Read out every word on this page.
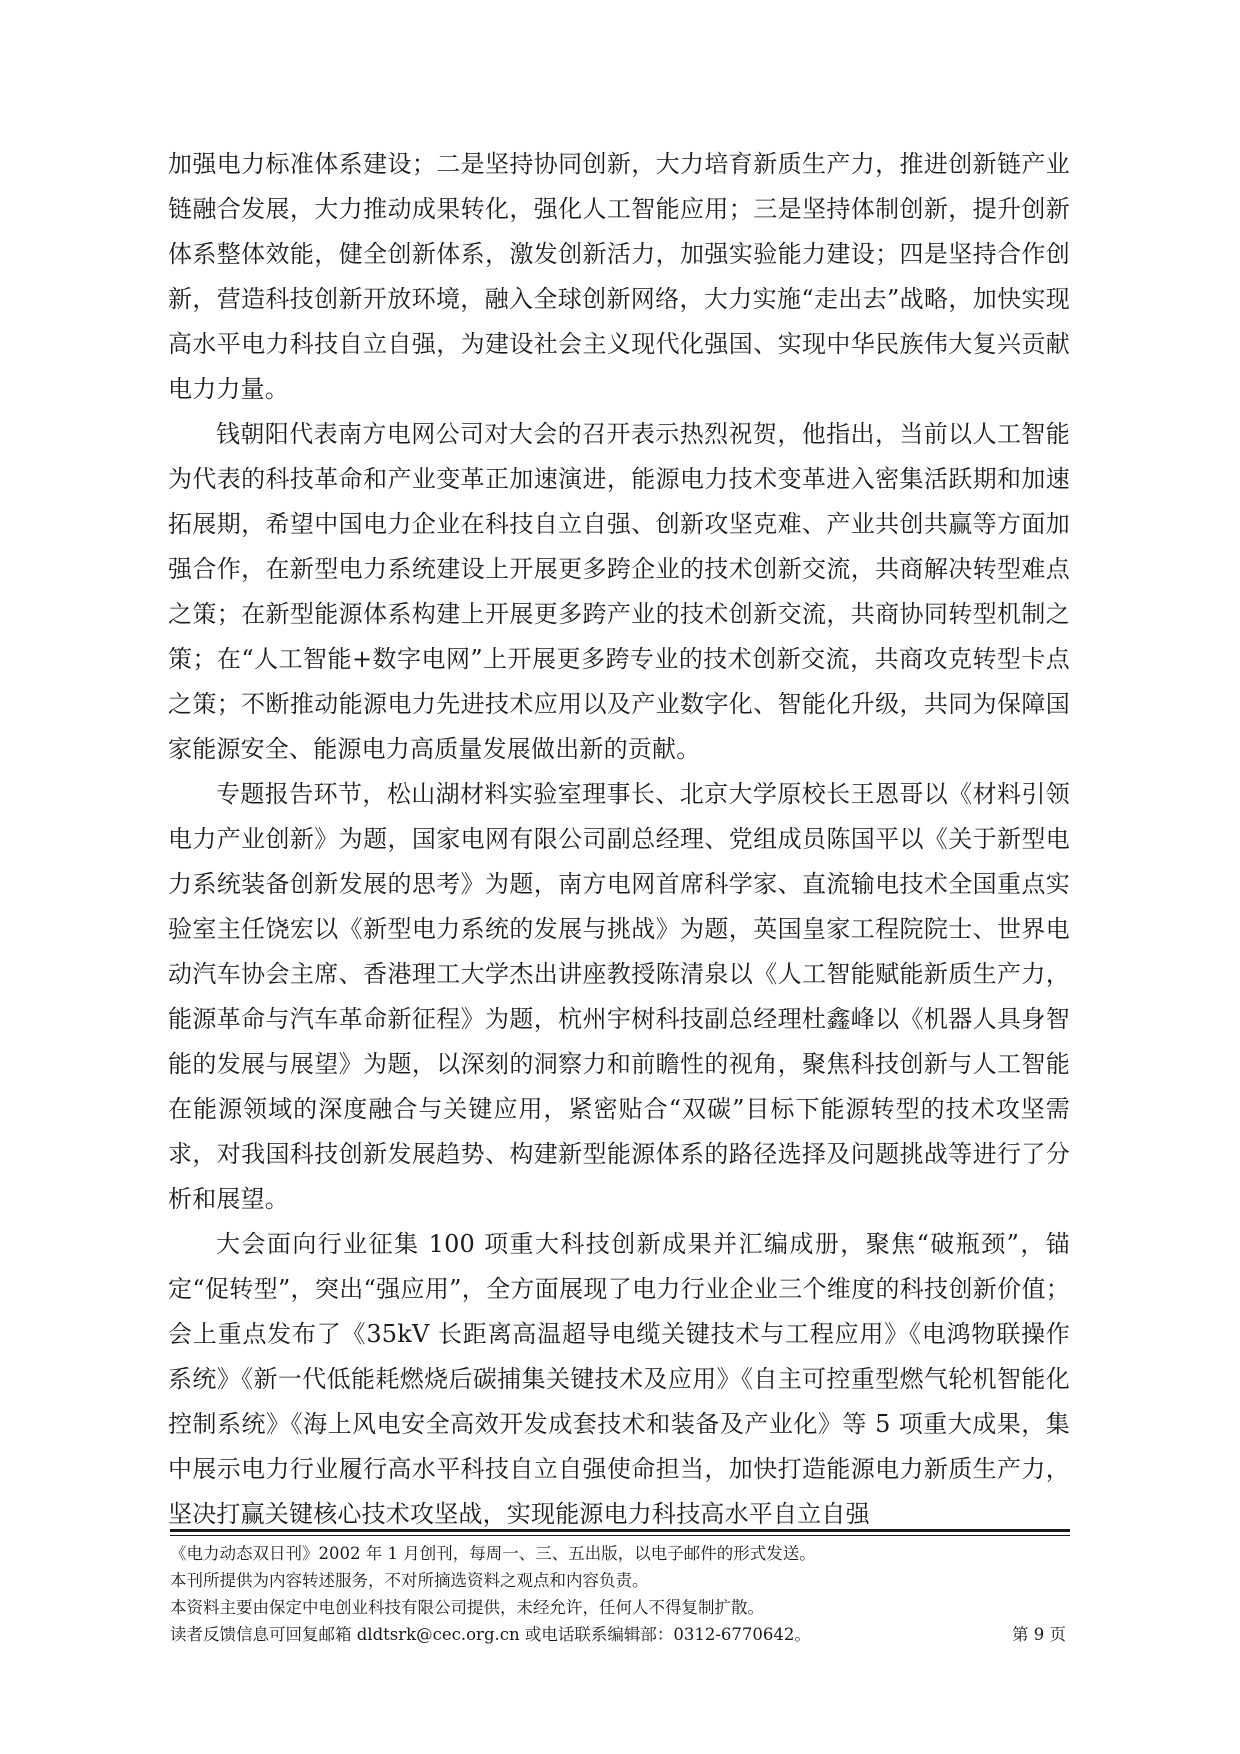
加强电力标准体系建设；二是坚持协同创新，大力培育新质生产力，推进创新链产业链融合发展，大力推动成果转化，强化人工智能应用；三是坚持体制创新，提升创新体系整体效能，健全创新体系，激发创新活力，加强实验能力建设；四是坚持合作创新，营造科技创新开放环境，融入全球创新网络，大力实施“走出去”战略，加快实现高水平电力科技自立自强，为建设社会主义现代化强国、实现中华民族伟大复兴贡献电力力量。

钱朝阳代表南方电网公司对大会的召开表示热烈祝贺，他指出，当前以人工智能为代表的科技革命和产业变革正加速演进，能源电力技术变革进入密集活跃期和加速拓展期，希望中国电力企业在科技自立自强、创新攻坚克难、产业共创共赢等方面加强合作，在新型电力系统建设上开展更多跨企业的技术创新交流，共商解决转型难点之策；在新型能源体系构建上开展更多跨产业的技术创新交流，共商协同转型机制之策；在“人工智能+数字电网”上开展更多跨专业的技术创新交流，共商攻克转型卡点之策；不断推动能源电力先进技术应用以及产业数字化、智能化升级，共同为保障国家能源安全、能源电力高质量发展做出新的贡献。

专题报告环节，松山湖材料实验室理事长、北京大学原校长王恩哥以《材料引领电力产业创新》为题，国家电网有限公司副总经理、党组成员陈国平以《关于新型电力系统装备创新发展的思考》为题，南方电网首席科学家、直流输电技术全国重点实验室主任饶宏以《新型电力系统的发展与挑战》为题，英国皇家工程院院士、世界电动汽车协会主席、香港理工大学杰出讲座教授陈清泉以《人工智能赋能新质生产力，能源革命与汽车革命新征程》为题，杭州宇树科技副总经理杜鑫峰以《机器人具身智能的发展与展望》为题，以深刻的洞察力和前瞻性的视角，聚焦科技创新与人工智能在能源领域的深度融合与关键应用，紧密贴合“双碳”目标下能源转型的技术攻坚需求，对我国科技创新发展趋势、构建新型能源体系的路径选择及问题挑战等进行了分析和展望。

大会面向行业征集 100 项重大科技创新成果并汇编成册，聚焦“破瓶颈”，锚定“促转型”，突出“强应用”，全方面展现了电力行业企业三个维度的科技创新价值；会上重点发布了《35kV 长距离高温超导电缆关键技术与工程应用》《电鸿物联操作系统》《新一代低能耗燃烧后碳捕集关键技术及应用》《自主可控重型燃气轮机智能化控制系统》《海上风电安全高效开发成套技术和装备及产业化》等 5 项重大成果，集中展示电力行业履行高水平科技自立自强使命担当，加快打造能源电力新质生产力，坚决打赢关键核心技术攻坚战，实现能源电力科技高水平自立自强

《电力动态双日刊》2002 年 1 月创刊，每周一、三、五出版，以电子邮件的形式发送。

本刊所提供为内容转述服务，不对所摘选资料之观点和内容负责。

本资料主要由保定中电创业科技有限公司提供，未经允许，任何人不得复制扩散。

读者反馈信息可回复邮箱 dldtsrk@cec.org.cn 或电话联系编辑部：0312-6770642。	第 9 页
